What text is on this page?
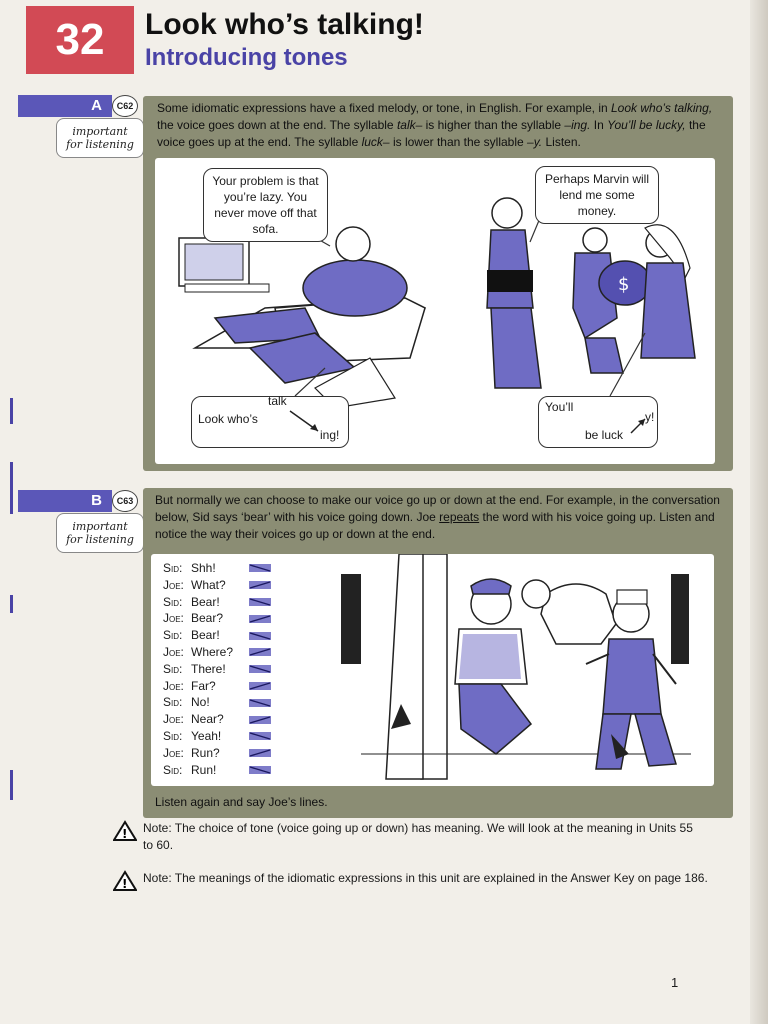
32	Look who’s talking!
Introducing tones
A	C62
important
for listening
Some idiomatic expressions have a fixed melody, or tone, in English. For example, in Look who’s talking, the voice goes down at the end. The syllable talk– is higher than the syllable –ing. In You’ll be lucky, the voice goes up at the end. The syllable luck– is lower than the syllable –y. Listen.
$
Your problem is that you’re lazy. You never move off that sofa.
Perhaps Marvin will lend me some money.
Look who’s
talk
ing!
You’ll
be luck
y!
B	C63
important
for listening
But normally we can choose to make our voice go up or down at the end. For example, in the conversation below, Sid says ‘bear’ with his voice going down. Joe repeats the word with his voice going up. Listen and notice the way their voices go up or down at the end.
Sid: Shh!
Joe: What?
Sid: Bear!
Joe: Bear?
Sid: Bear!
Joe: Where?
Sid: There!
Joe: Far?
Sid: No!
Joe: Near?
Sid: Yeah!
Joe: Run?
Sid: Run!
Listen again and say Joe’s lines.
! Note: The choice of tone (voice going up or down) has meaning. We will look at the meaning in Units 55 to 60.
! Note: The meanings of the idiomatic expressions in this unit are explained in the Answer Key on page 186.
1
